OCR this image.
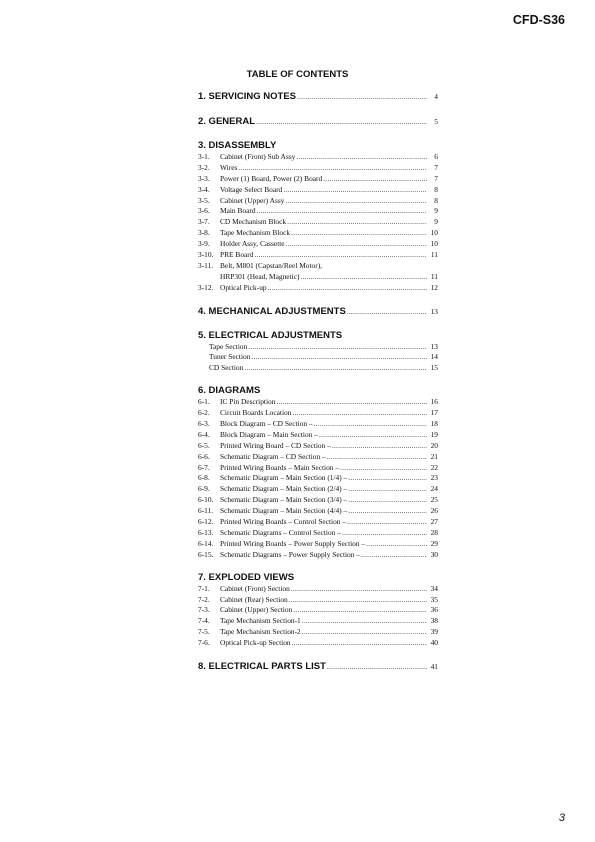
CFD-S36
TABLE OF CONTENTS
1. SERVICING NOTES .....	4
2. GENERAL .....	5
3. DISASSEMBLY
3-1.	Cabinet (Front) Sub Assy .....	6
3-2.	Wires .....	7
3-3.	Power (1) Board, Power (2) Board .....	7
3-4.	Voltage Select Board .....	8
3-5.	Cabinet (Upper) Assy .....	8
3-6.	Main Board .....	9
3-7.	CD Mechanism Block .....	9
3-8.	Tape Mechanism Block .....	10
3-9.	Holder Assy, Cassette .....	10
3-10. PRE Board .....	11
3-11. Belt, M801 (Capstan/Reel Motor),
HRP301 (Head, Magnetic) .....	11
3-12. Optical Pick-up .....	12
4. MECHANICAL ADJUSTMENTS .....	13
5. ELECTRICAL ADJUSTMENTS
Tape Section .....	13
Tuner Section .....	14
CD Section .....	15
6. DIAGRAMS
6-1.	IC Pin Description .....	16
6-2.	Circuit Boards Location .....	17
6-3.	Block Diagram – CD Section – .....	18
6-4.	Block Diagram – Main Section – .....	19
6-5.	Printed Wiring Board – CD Section – .....	20
6-6.	Schematic Diagram – CD Section – .....	21
6-7.	Printed Wiring Boards – Main Section – .....	22
6-8.	Schematic Diagram – Main Section (1/4) – .....	23
6-9.	Schematic Diagram – Main Section (2/4) – .....	24
6-10. Schematic Diagram – Main Section (3/4) – .....	25
6-11. Schematic Diagram – Main Section (4/4) – .....	26
6-12. Printed Wiring Boards – Control Section – .....	27
6-13. Schematic Diagrams – Control Section – .....	28
6-14. Printed Wiring Boards – Power Supply Section – .....	29
6-15. Schematic Diagrams – Power Supply Section – .....	30
7. EXPLODED VIEWS
7-1.	Cabinet (Front) Section .....	34
7-2.	Cabinet (Rear) Section .....	35
7-3.	Cabinet (Upper) Section .....	36
7-4.	Tape Mechanism Section-1 .....	38
7-5.	Tape Mechanism Section-2 .....	39
7-6.	Optical Pick-up Section .....	40
8. ELECTRICAL PARTS LIST .....	41
3
